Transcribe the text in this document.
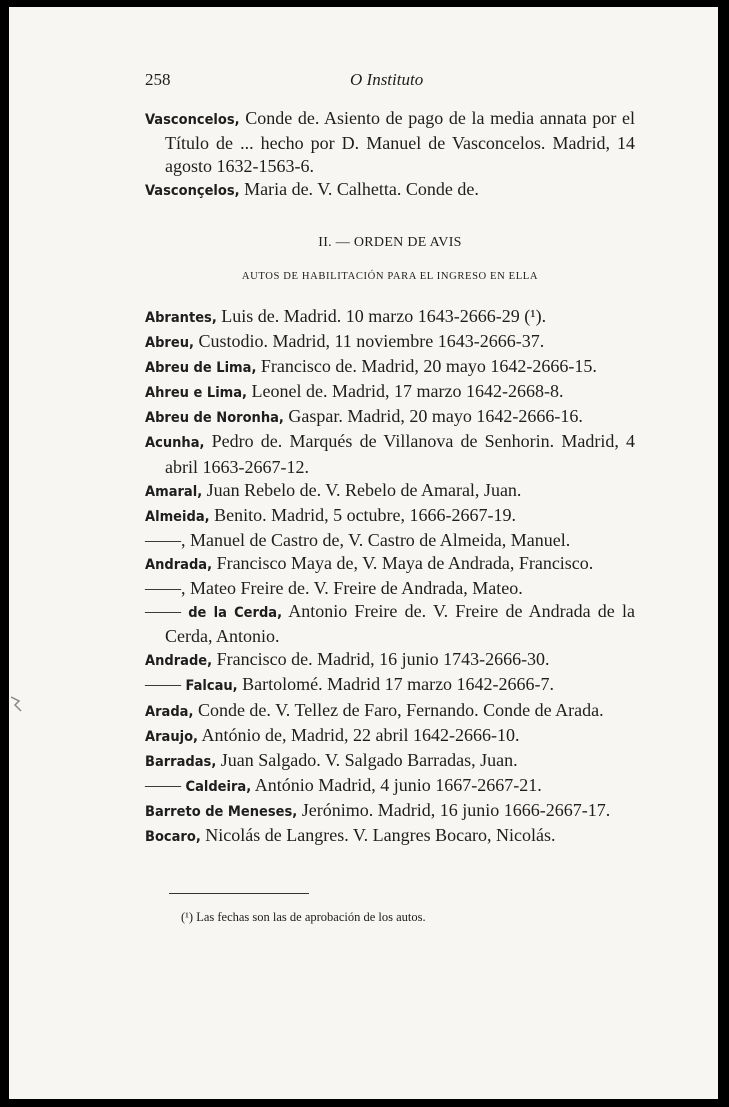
258	O Instituto
Vasconcelos, Conde de. Asiento de pago de la media annata por el Título de ... hecho por D. Manuel de Vasconcelos. Madrid, 14 agosto 1632-1563-6.
Vasconçelos, Maria de. V. Calhetta. Conde de.
II. — ORDEN DE AVIS
AUTOS DE HABILITACIÓN PARA EL INGRESO EN ELLA
Abrantes, Luis de. Madrid. 10 marzo 1643-2666-29 (¹).
Abreu, Custodio. Madrid, 11 noviembre 1643-2666-37.
Abreu de Lima, Francisco de. Madrid, 20 mayo 1642-2666-15.
Ahreu e Lima, Leonel de. Madrid, 17 marzo 1642-2668-8.
Abreu de Noronha, Gaspar. Madrid, 20 mayo 1642-2666-16.
Acunha, Pedro de. Marqués de Villanova de Senhorin. Madrid, 4 abril 1663-2667-12.
Amaral, Juan Rebelo de. V. Rebelo de Amaral, Juan.
Almeida, Benito. Madrid, 5 octubre, 1666-2667-19.
——, Manuel de Castro de, V. Castro de Almeida, Manuel.
Andrada, Francisco Maya de, V. Maya de Andrada, Francisco.
——, Mateo Freire de. V. Freire de Andrada, Mateo.
—— de la Cerda, Antonio Freire de. V. Freire de Andrada de la Cerda, Antonio.
Andrade, Francisco de. Madrid, 16 junio 1743-2666-30.
—— Falcau, Bartolomé. Madrid 17 marzo 1642-2666-7.
Arada, Conde de. V. Tellez de Faro, Fernando. Conde de Arada.
Araujo, António de, Madrid, 22 abril 1642-2666-10.
Barradas, Juan Salgado. V. Salgado Barradas, Juan.
—— Caldeira, António Madrid, 4 junio 1667-2667-21.
Barreto de Meneses, Jerónimo. Madrid, 16 junio 1666-2667-17.
Bocaro, Nicolás de Langres. V. Langres Bocaro, Nicolás.
(¹) Las fechas son las de aprobación de los autos.
